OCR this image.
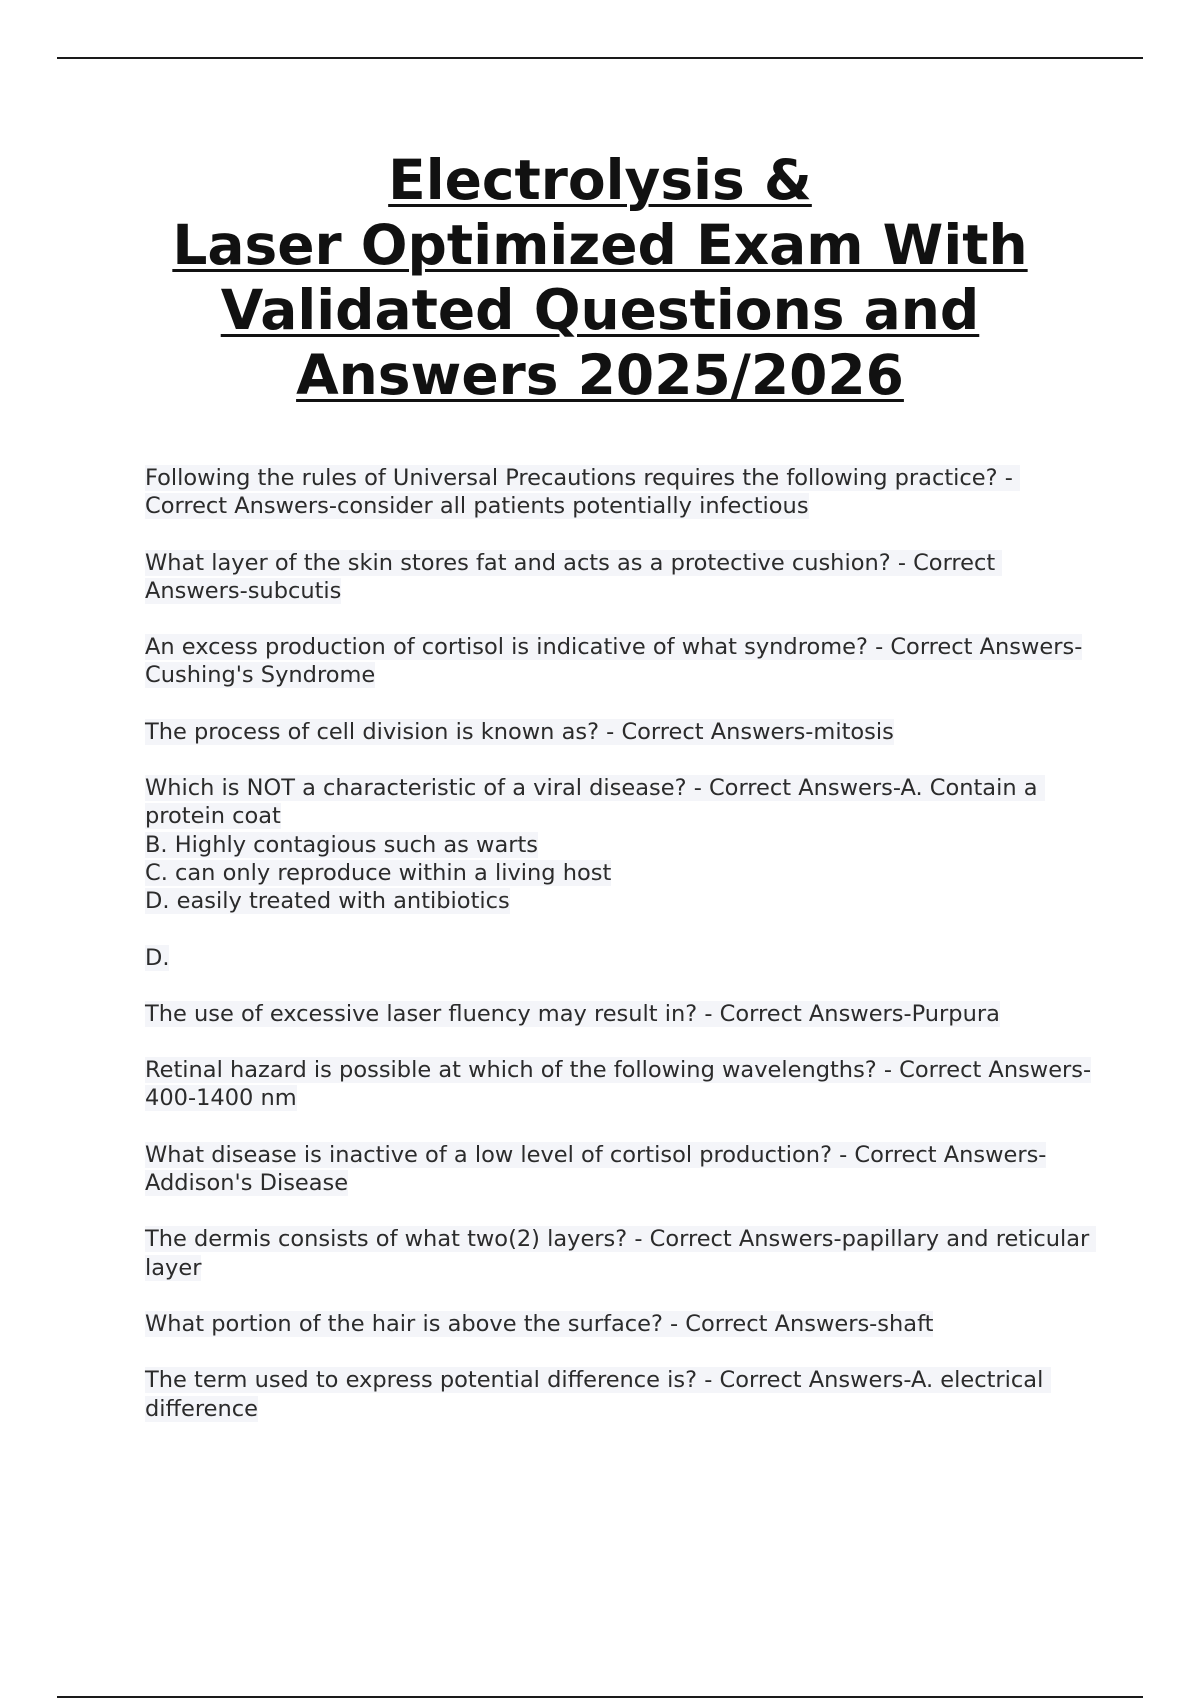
Electrolysis &
Laser Optimized Exam With
Validated Questions and
Answers 2025/2026
Following the rules of Universal Precautions requires the following practice? - Correct Answers-consider all patients potentially infectious
What layer of the skin stores fat and acts as a protective cushion? - Correct Answers-subcutis
An excess production of cortisol is indicative of what syndrome? - Correct Answers-Cushing's Syndrome
The process of cell division is known as? - Correct Answers-mitosis
Which is NOT a characteristic of a viral disease? - Correct Answers-A. Contain a protein coat
B. Highly contagious such as warts
C. can only reproduce within a living host
D. easily treated with antibiotics
D.
The use of excessive laser fluency may result in? - Correct Answers-Purpura
Retinal hazard is possible at which of the following wavelengths? - Correct Answers-400-1400 nm
What disease is inactive of a low level of cortisol production? - Correct Answers-Addison's Disease
The dermis consists of what two(2) layers? - Correct Answers-papillary and reticular layer
What portion of the hair is above the surface? - Correct Answers-shaft
The term used to express potential difference is? - Correct Answers-A. electrical difference
